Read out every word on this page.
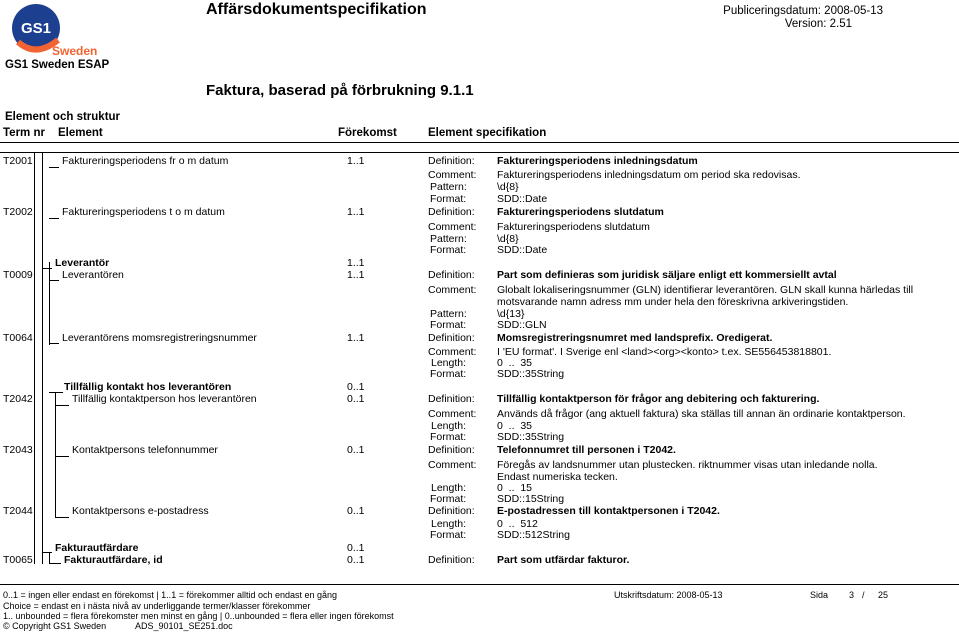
GS1
Sweden
Affärsdokumentspecifikation	Publiceringsdatum: 2008-05-13
Version: 2.51
GS1 Sweden ESAP
Faktura, baserad på förbrukning 9.1.1
Element och struktur
Term nr Element	Förekomst	Element specifikation
T2001	Faktureringsperiodens fr o m datum	1..1	Definition: Faktureringsperiodens inledningsdatum
Comment: Faktureringsperiodens inledningsdatum om period ska redovisas.
Pattern:	\d{8}
Format:	SDD::Date
T2002	Faktureringsperiodens t o m datum	1..1	Definition: Faktureringsperiodens slutdatum
Comment: Faktureringsperiodens slutdatum
Pattern:	\d{8}
Format:	SDD::Date
Leverantör	1..1
T0009	Leverantören	1..1	Definition: Part som definieras som juridisk säljare enligt ett kommersiellt avtal
Comment: Globalt lokaliseringsnummer (GLN) identifierar leverantören. GLN skall kunna härledas till motsvarande namn adress mm under hela den föreskrivna arkiveringstiden.
Pattern:	\d{13}
Format:	SDD::GLN
T0064	Leverantörens momsregistreringsnummer	1..1	Definition: Momsregistreringsnumret med landsprefix. Oredigerat.
Comment: I 'EU format'. I Sverige enl <land><org><konto> t.ex. SE556453818801.
Length:	0  ..  35
Format:	SDD::35String
Tillfällig kontakt hos leverantören	0..1
T2042	Tillfällig kontaktperson hos leverantören	0..1	Definition: Tillfällig kontaktperson för frågor ang debitering och fakturering.
Comment: Används då frågor (ang aktuell faktura) ska ställas till annan än ordinarie kontaktperson.
Length:	0  ..  35
Format:	SDD::35String
T2043	Kontaktpersons telefonnummer	0..1	Definition: Telefonnumret till personen i T2042.
Comment: Föregås av landsnummer utan plustecken. riktnummer visas utan inledande nolla. Endast numeriska tecken.
Length:	0  ..  15
Format:	SDD::15String
T2044	Kontaktpersons e-postadress	0..1	Definition: E-postadressen till kontaktpersonen i T2042.
Length:	0  ..  512
Format:	SDD::512String
Fakturautfärdare	0..1
T0065	Fakturautfärdare, id	0..1	Definition: Part som utfärdar fakturor.
0..1 = ingen eller endast en förekomst | 1..1 = förekommer alltid och endast en gång
Choice = endast en i nästa nivå av underliggande termer/klasser förekommer
1.. unbounded = flera förekomster men minst en gång | 0..unbounded = flera eller ingen förekomst
© Copyright GS1 Sweden	ADS_90101_SE251.doc
Utskriftsdatum: 2008-05-13	Sida 3 / 25
